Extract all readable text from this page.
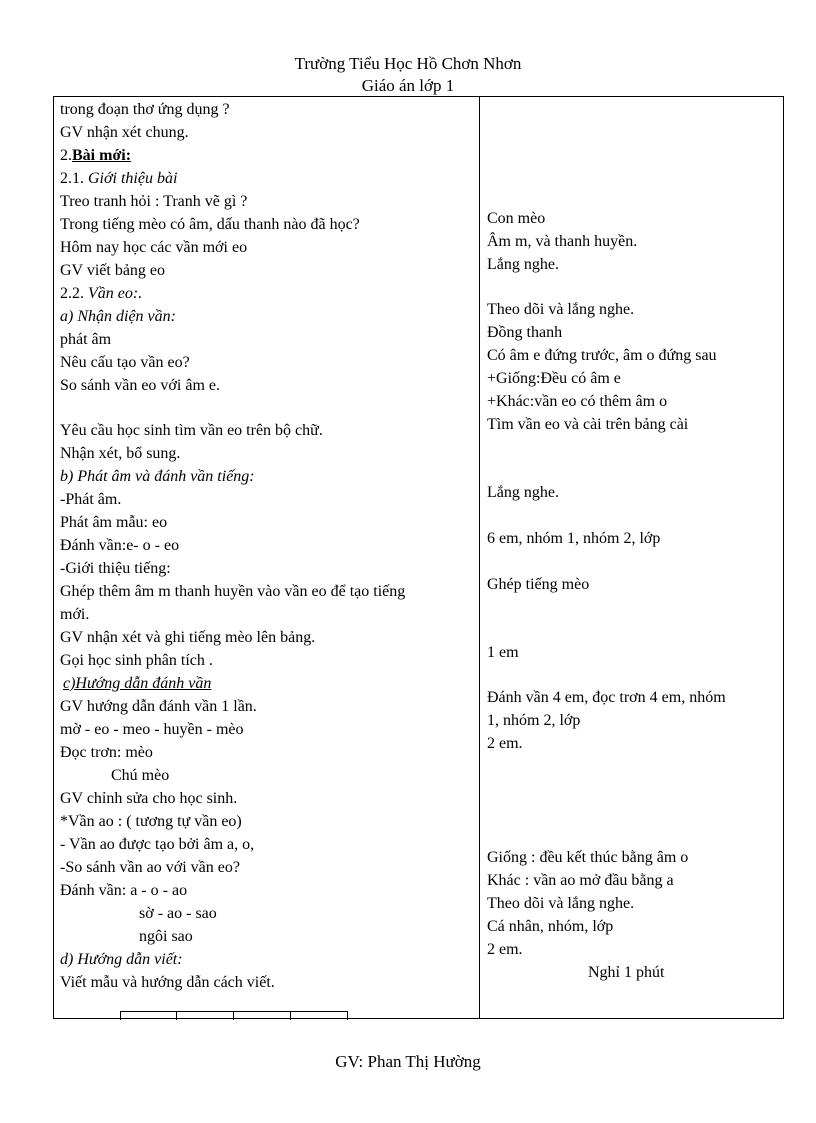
Trường Tiểu Học Hồ Chơn Nhơn
Giáo án lớp 1
trong đoạn thơ ứng dụng ?
GV nhận xét chung.
2.Bài mới:
2.1. Giới thiệu bài
Treo tranh hỏi : Tranh vẽ gì ?
Trong tiếng mèo có âm, dấu thanh nào đã học?
Hôm nay học các vần mới eo
GV viết bảng eo
2.2. Vần eo:.
a) Nhận diện vần:
phát âm
Nêu cấu tạo vần eo?
So sánh vần eo với âm e.
Yêu cầu học sinh tìm vần eo trên bộ chữ.
Nhận xét, bổ sung.
b) Phát âm và đánh vần tiếng:
-Phát âm.
Phát âm mẫu: eo
Đánh vần:e- o - eo
-Giới thiệu tiếng:
Ghép thêm âm m thanh huyền vào vần eo để tạo tiếng
mới.
GV nhận xét và ghi tiếng mèo lên bảng.
Gọi học sinh phân tích .
c)Hướng dẫn đánh vần
GV hướng dẫn đánh vần 1 lần.
mờ - eo - meo - huyền - mèo
Đọc trơn: mèo
Chú mèo
GV chỉnh sửa cho học sinh.
*Vần ao : ( tương tự vần eo)
- Vần ao được tạo bởi âm a, o,
-So sánh vần ao với vần eo?
Đánh vần: a - o - ao
sờ - ao - sao
ngôi sao
d) Hướng dẫn viết:
Viết mẫu và hướng dẫn cách viết.
Con mèo
Âm m, và thanh huyền.
Lắng nghe.
Theo dõi và lắng nghe.
Đồng thanh
Có âm e đứng trước, âm o đứng sau
+Giống:Đều có âm e
+Khác:vần eo có thêm âm o
Tìm vần eo và cài trên bảng cài
Lắng nghe.
6 em, nhóm 1, nhóm 2, lớp
Ghép tiếng mèo
1 em
Đánh vần 4 em, đọc trơn 4 em, nhóm
1, nhóm 2, lớp
2 em.
Giống : đều kết thúc bằng âm o
Khác : vần ao mở đầu bằng a
Theo dõi và lắng nghe.
Cá nhân, nhóm, lớp
2 em.
Nghỉ 1 phút
GV: Phan Thị Hường
